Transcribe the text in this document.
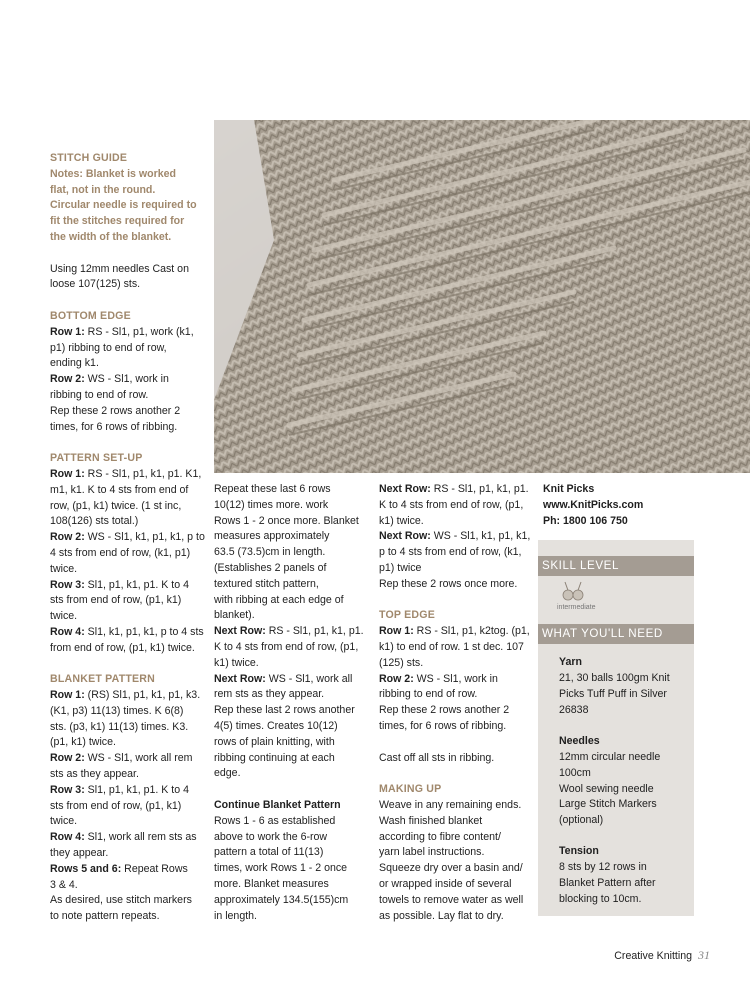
STITCH GUIDE

Notes: Blanket is worked

flat, not in the round.

Circular needle is required to

fit the stitches required for

the width of the blanket.

Using 12mm needles Cast on

loose 107(125) sts.

BOTTOM EDGE

Row 1: RS - Sl1, p1, work (k1,

p1) ribbing to end of row,

ending k1.

Row 2: WS - Sl1, work in

ribbing to end of row.

Rep these 2 rows another 2

times, for 6 rows of ribbing.

PATTERN SET-UP

Row 1: RS - Sl1, p1, k1, p1. K1,

m1, k1. K to 4 sts from end of

row, (p1, k1) twice. (1 st inc,

108(126) sts total.)

Row 2: WS - Sl1, k1, p1, k1, p to

4 sts from end of row, (k1, p1)

twice.

Row 3: Sl1, p1, k1, p1. K to 4

sts from end of row, (p1, k1)

twice.

Row 4: Sl1, k1, p1, k1, p to 4 sts

from end of row, (p1, k1) twice.

BLANKET PATTERN

Row 1: (RS) Sl1, p1, k1, p1, k3.

(K1, p3) 11(13) times. K 6(8)

sts. (p3, k1) 11(13) times. K3.

(p1, k1) twice.

Row 2: WS - Sl1, work all rem

sts as they appear.

Row 3: Sl1, p1, k1, p1. K to 4

sts from end of row, (p1, k1)

twice.

Row 4: Sl1, work all rem sts as

they appear.

Rows 5 and 6: Repeat Rows

3 & 4.

As desired, use stitch markers

to note pattern repeats.

Repeat these last 6 rows

10(12) times more. work

Rows 1 - 2 once more. Blanket

measures approximately

63.5 (73.5)cm in length.

(Establishes 2 panels of

textured stitch pattern,

with ribbing at each edge of

blanket).

Next Row: RS - Sl1, p1, k1, p1.

K to 4 sts from end of row, (p1,

k1) twice.

Next Row: WS - Sl1, work all

rem sts as they appear.

Rep these last 2 rows another

4(5) times. Creates 10(12)

rows of plain knitting, with

ribbing continuing at each

edge.

Continue Blanket Pattern

Rows 1 - 6 as established

above to work the 6-row

pattern a total of 11(13)

times, work Rows 1 - 2 once

more. Blanket measures

approximately 134.5(155)cm

in length.

Next Row: RS - Sl1, p1, k1, p1.

K to 4 sts from end of row, (p1,

k1) twice.

Next Row: WS - Sl1, k1, p1, k1,

p to 4 sts from end of row, (k1,

p1) twice

Rep these 2 rows once more.

TOP EDGE

Row 1: RS - Sl1, p1, k2tog. (p1,

k1) to end of row. 1 st dec. 107

(125) sts.

Row 2: WS - Sl1, work in

ribbing to end of row.

Rep these 2 rows another 2

times, for 6 rows of ribbing.

Cast off all sts in ribbing.

MAKING UP

Weave in any remaining ends.

Wash finished blanket

according to fibre content/

yarn label instructions.

Squeeze dry over a basin and/

or wrapped inside of several

towels to remove water as well

as possible. Lay flat to dry.

Knit Picks

www.KnitPicks.com

Ph: 1800 106 750

SKILL LEVEL
intermediate
WHAT YOU'LL NEED
Yarn

21, 30 balls 100gm Knit

Picks Tuff Puff in Silver

26838

Needles

12mm circular needle

100cm

Wool sewing needle

Large Stitch Markers

(optional)

Tension

8 sts by 12 rows in

Blanket Pattern after

blocking to 10cm.

Creative Knitting 31
